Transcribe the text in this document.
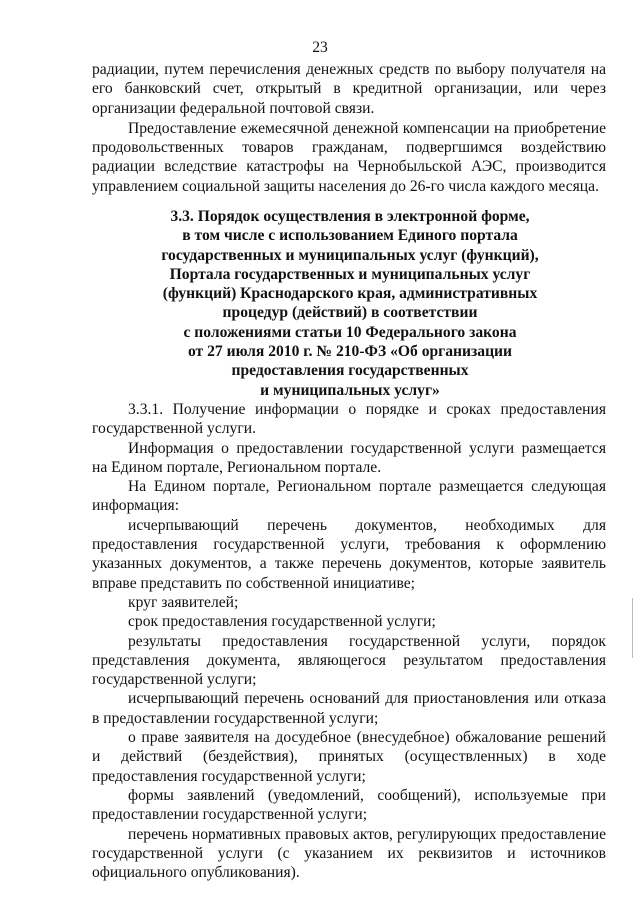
23

радиации, путем перечисления денежных средств по выбору получателя на его банковский счет, открытый в кредитной организации, или через организации федеральной почтовой связи.

Предоставление ежемесячной денежной компенсации на приобретение продовольственных товаров гражданам, подвергшимся воздействию радиации вследствие катастрофы на Чернобыльской АЭС, производится управлением социальной защиты населения до 26-го числа каждого месяца.

3.3. Порядок осуществления в электронной форме,
в том числе с использованием Единого портала
государственных и муниципальных услуг (функций),
Портала государственных и муниципальных услуг
(функций) Краснодарского края, административных
процедур (действий) в соответствии
с положениями статьи 10 Федерального закона
от 27 июля 2010 г. № 210-ФЗ «Об организации
предоставления государственных
и муниципальных услуг»

3.3.1. Получение информации о порядке и сроках предоставления государственной услуги.

Информация о предоставлении государственной услуги размещается на Едином портале, Региональном портале.

На Едином портале, Региональном портале размещается следующая информация:

исчерпывающий перечень документов, необходимых для предоставления государственной услуги, требования к оформлению указанных документов, а также перечень документов, которые заявитель вправе представить по собственной инициативе;

круг заявителей;

срок предоставления государственной услуги;

результаты предоставления государственной услуги, порядок представления документа, являющегося результатом предоставления государственной услуги;

исчерпывающий перечень оснований для приостановления или отказа в предоставлении государственной услуги;

о праве заявителя на досудебное (внесудебное) обжалование решений и действий (бездействия), принятых (осуществленных) в ходе предоставления государственной услуги;

формы заявлений (уведомлений, сообщений), используемые при предоставлении государственной услуги;

перечень нормативных правовых актов, регулирующих предоставление государственной услуги (с указанием их реквизитов и источников официального опубликования).
